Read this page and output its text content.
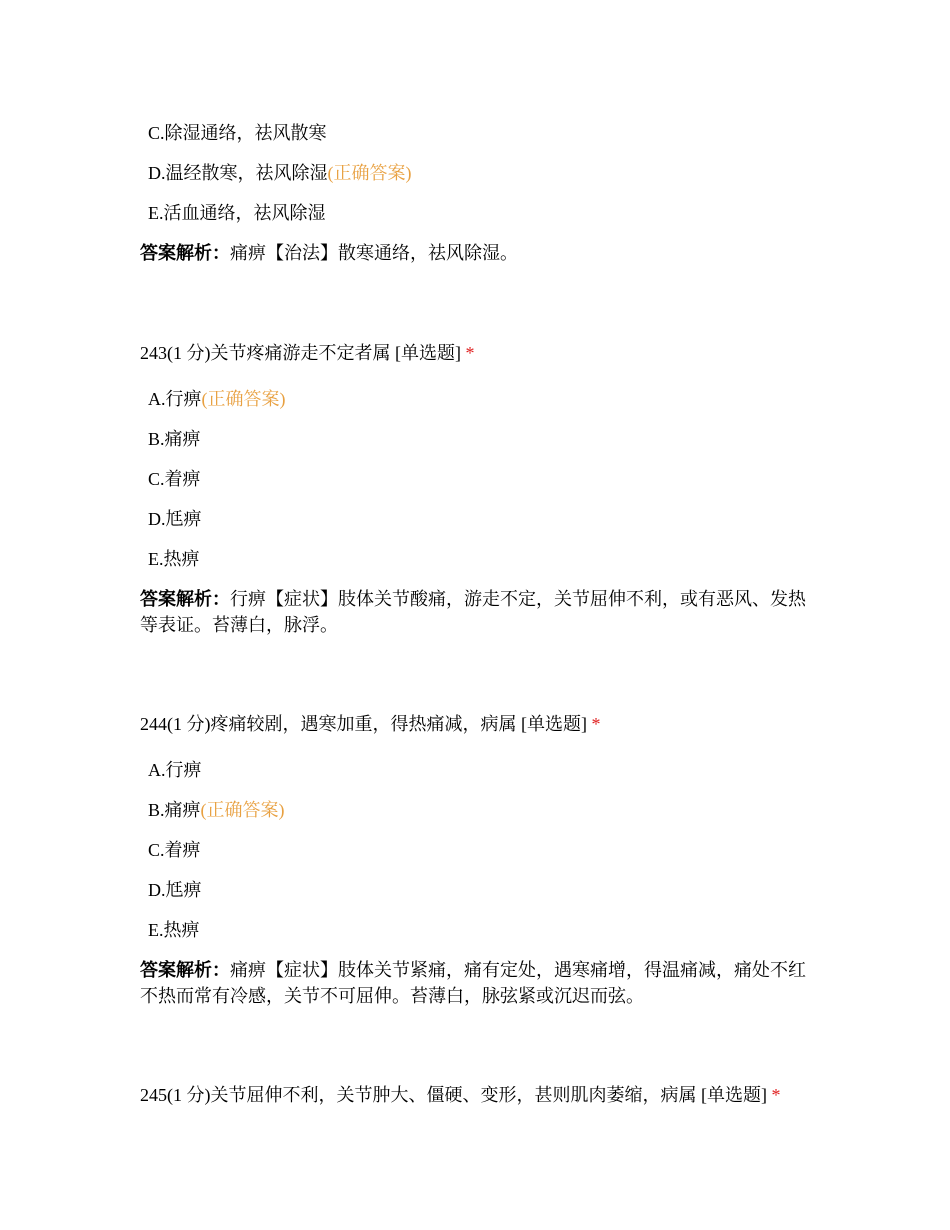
C.除湿通络，祛风散寒
D.温经散寒，祛风除湿(正确答案)
E.活血通络，祛风除湿
答案解析：痛痹【治法】散寒通络，祛风除湿。
243(1 分)关节疼痛游走不定者属 [单选题] *
A.行痹(正确答案)
B.痛痹
C.着痹
D.尪痹
E.热痹
答案解析：行痹【症状】肢体关节酸痛，游走不定，关节屈伸不利，或有恶风、发热等表证。苔薄白，脉浮。
244(1 分)疼痛较剧，遇寒加重，得热痛减，病属 [单选题] *
A.行痹
B.痛痹(正确答案)
C.着痹
D.尪痹
E.热痹
答案解析：痛痹【症状】肢体关节紧痛，痛有定处，遇寒痛增，得温痛减，痛处不红不热而常有冷感，关节不可屈伸。苔薄白，脉弦紧或沉迟而弦。
245(1 分)关节屈伸不利，关节肿大、僵硬、变形，甚则肌肉萎缩，病属 [单选题] *
